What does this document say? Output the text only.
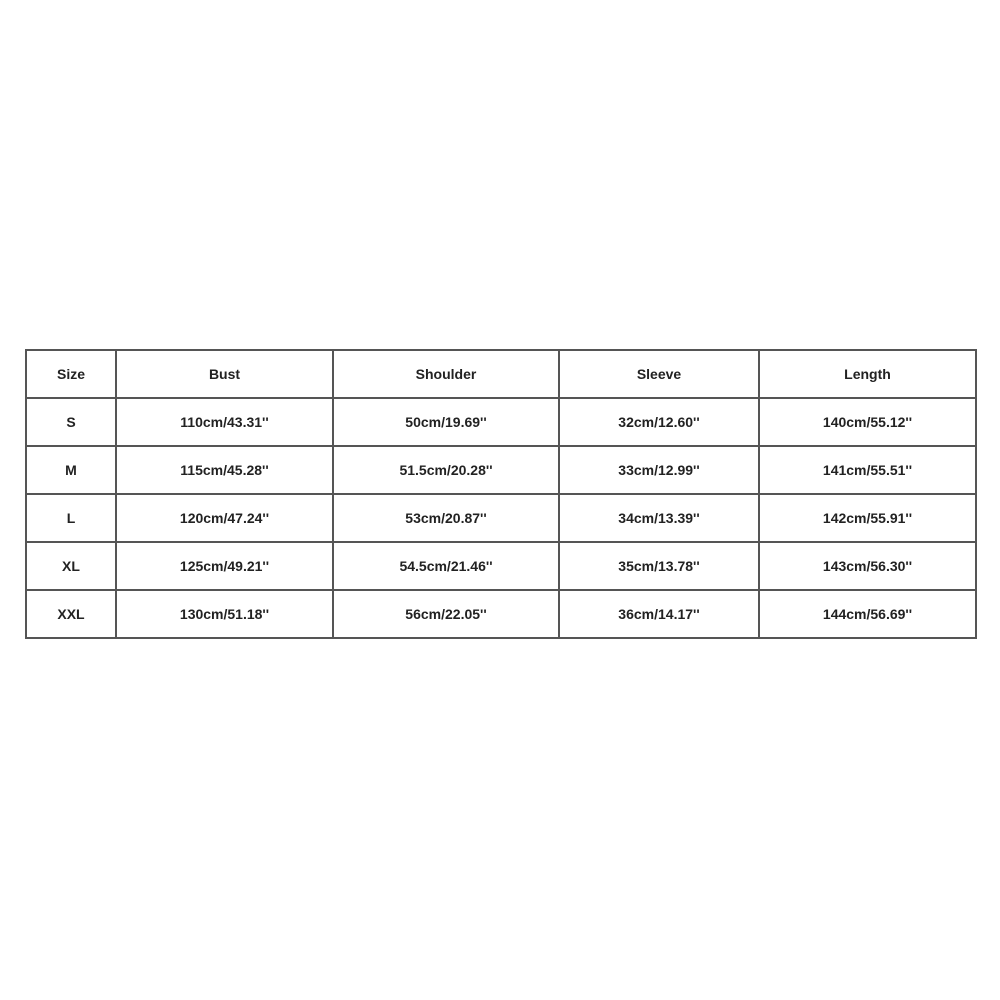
Size	Bust	Shoulder	Sleeve	Length
S	110cm/43.31''	50cm/19.69''	32cm/12.60''	140cm/55.12''
M	115cm/45.28''	51.5cm/20.28''	33cm/12.99''	141cm/55.51''
L	120cm/47.24''	53cm/20.87''	34cm/13.39''	142cm/55.91''
XL	125cm/49.21''	54.5cm/21.46''	35cm/13.78''	143cm/56.30''
XXL	130cm/51.18''	56cm/22.05''	36cm/14.17''	144cm/56.69''
